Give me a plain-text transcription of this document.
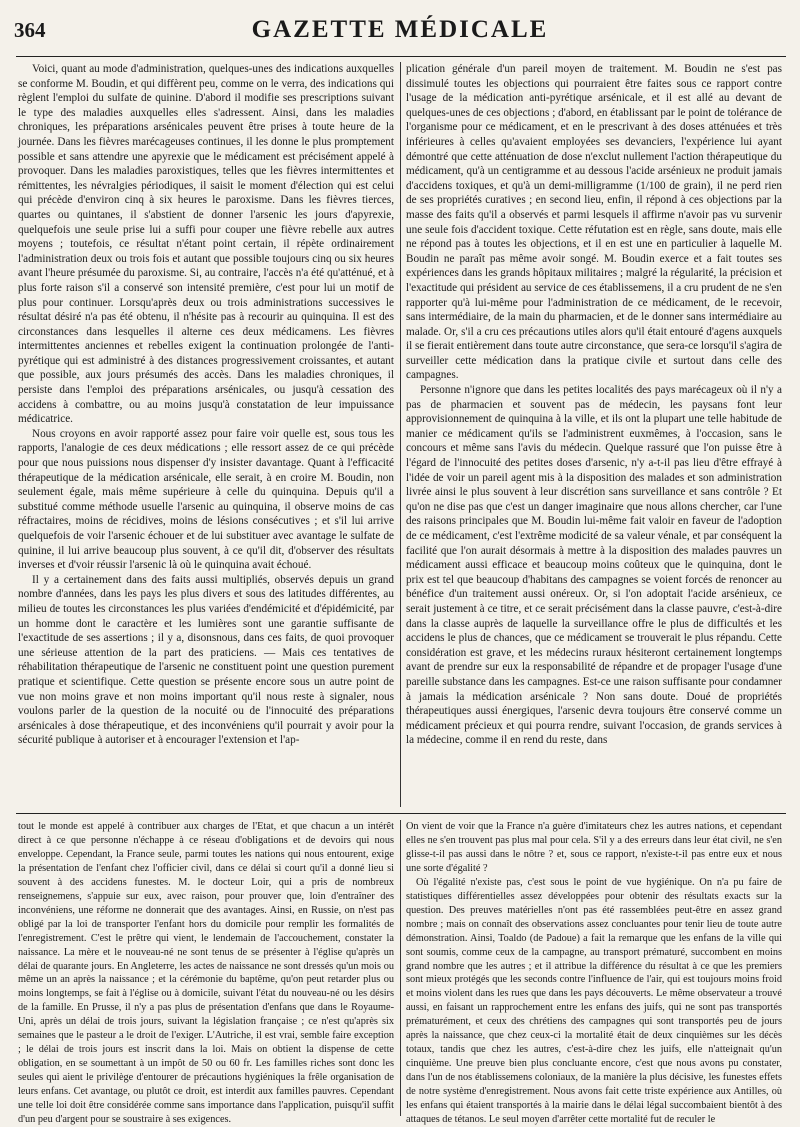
364	GAZETTE MÉDICALE

Voici, quant au mode d'administration, quelques-unes des indications auxquelles se conforme M. Boudin, et qui diffèrent peu, comme on le verra, des indications qui règlent l'emploi du sulfate de quinine. D'abord il modifie ses prescriptions suivant le type des maladies auxquelles elles s'adressent. Ainsi, dans les maladies chroniques, les préparations arsénicales peuvent être prises à toute heure de la journée. Dans les fièvres marécageuses continues, il les donne le plus promptement possible et sans attendre une apyrexie que le médicament est précisément appelé à provoquer. Dans les maladies paroxistiques, telles que les fièvres intermittentes et rémittentes, les névralgies périodiques, il saisit le moment d'élection qui est celui qui précède d'environ cinq à six heures le paroxisme. Dans les fièvres tierces, quartes ou quintanes, il s'abstient de donner l'arsenic les jours d'apyrexie, quelquefois une seule prise lui a suffi pour couper une fièvre rebelle aux autres moyens ; toutefois, ce résultat n'étant point certain, il répète ordinairement l'administration deux ou trois fois et autant que possible toujours cinq ou six heures avant l'heure présumée du paroxisme. Si, au contraire, l'accès n'a été qu'atténué, et à plus forte raison s'il a conservé son intensité première, c'est pour lui un motif de plus pour continuer. Lorsqu'après deux ou trois administrations successives le résultat désiré n'a pas été obtenu, il n'hésite pas à recourir au quinquina. Il est des circonstances dans lesquelles il alterne ces deux médicamens. Les fièvres intermittentes anciennes et rebelles exigent la continuation prolongée de l'anti-pyrétique qui est administré à des distances progressivement croissantes, et autant que possible, aux jours présumés des accès. Dans les maladies chroniques, il persiste dans l'emploi des préparations arsénicales, ou jusqu'à cessation des accidens à combattre, ou au moins jusqu'à constatation de leur impuissance médicatrice.

Nous croyons en avoir rapporté assez pour faire voir quelle est, sous tous les rapports, l'analogie de ces deux médications ; elle ressort assez de ce qui précède pour que nous puissions nous dispenser d'y insister davantage. Quant à l'efficacité thérapeutique de la médication arsénicale, elle serait, à en croire M. Boudin, non seulement égale, mais même supérieure à celle du quinquina. Depuis qu'il a substitué comme méthode usuelle l'arsenic au quinquina, il observe moins de cas réfractaires, moins de récidives, moins de lésions consécutives ; et s'il lui arrive quelquefois de voir l'arsenic échouer et de lui substituer avec avantage le sulfate de quinine, il lui arrive beaucoup plus souvent, à ce qu'il dit, d'observer des résultats inverses et d'voir réussir l'arsenic là où le quinquina avait échoué.

Il y a certainement dans des faits aussi multipliés, observés depuis un grand nombre d'années, dans les pays les plus divers et sous des latitudes différentes, au milieu de toutes les circonstances les plus variées d'endémicité et d'épidémicité, par un homme dont le caractère et les lumières sont une garantie suffisante de l'exactitude de ses assertions ; il y a, disonsnous, dans ces faits, de quoi provoquer une sérieuse attention de la part des praticiens. — Mais ces tentatives de réhabilitation thérapeutique de l'arsenic ne constituent point une question purement pratique et scientifique. Cette question se présente encore sous un autre point de vue non moins grave et non moins important qu'il nous reste à signaler, nous voulons parler de la question de la nocuité ou de l'innocuité des préparations arsénicales à dose thérapeutique, et des inconvéniens qu'il pourrait y avoir pour la sécurité publique à autoriser et à encourager l'extension et l'ap-

plication générale d'un pareil moyen de traitement. M. Boudin ne s'est pas dissimulé toutes les objections qui pourraient être faites sous ce rapport contre l'usage de la médication anti-pyrétique arsénicale, et il est allé au devant de quelques-unes de ces objections ; d'abord, en établissant par le point de tolérance de l'organisme pour ce médicament, et en le prescrivant à des doses atténuées et très inférieures à celles qu'avaient employées ses devanciers, l'expérience lui ayant démontré que cette atténuation de dose n'exclut nullement l'action thérapeutique du médicament, qu'à un centigramme et au dessous l'acide arsénieux ne produit jamais d'accidens toxiques, et qu'à un demi-milligramme (1/100 de grain), il ne perd rien de ses propriétés curatives ; en second lieu, enfin, il répond à ces objections par la masse des faits qu'il a observés et parmi lesquels il affirme n'avoir pas vu survenir une seule fois d'accident toxique. Cette réfutation est en règle, sans doute, mais elle ne répond pas à toutes les objections, et il en est une en particulier à laquelle M. Boudin ne paraît pas même avoir songé. M. Boudin exerce et a fait toutes ses expériences dans les grands hôpitaux militaires ; malgré la régularité, la précision et l'exactitude qui président au service de ces établissemens, il a cru prudent de ne s'en rapporter qu'à lui-même pour l'administration de ce médicament, de le recevoir, sans intermédiaire, de la main du pharmacien, et de le donner sans intermédiaire au malade. Or, s'il a cru ces précautions utiles alors qu'il était entouré d'agens auxquels il se fierait entièrement dans toute autre circonstance, que sera-ce lorsqu'il s'agira de surveiller cette médication dans la pratique civile et surtout dans celle des campagnes.

Personne n'ignore que dans les petites localités des pays marécageux où il n'y a pas de pharmacien et souvent pas de médecin, les paysans font leur approvisionnement de quinquina à la ville, et ils ont la plupart une telle habitude de manier ce médicament qu'ils se l'administrent euxmêmes, à l'occasion, sans le concours et même sans l'avis du médecin. Quelque rassuré que l'on puisse être à l'égard de l'innocuité des petites doses d'arsenic, n'y a-t-il pas lieu d'être effrayé à l'idée de voir un pareil agent mis à la disposition des malades et son administration livrée ainsi le plus souvent à leur discrétion sans surveillance et sans contrôle ? Et qu'on ne dise pas que c'est un danger imaginaire que nous allons chercher, car l'une des raisons principales que M. Boudin lui-même fait valoir en faveur de l'adoption de ce médicament, c'est l'extrême modicité de sa valeur vénale, et par conséquent la facilité que l'on aurait désormais à mettre à la disposition des malades pauvres un médicament aussi efficace et beaucoup moins coûteux que le quinquina, dont le prix est tel que beaucoup d'habitans des campagnes se voient forcés de renoncer au bénéfice d'un traitement aussi onéreux. Or, si l'on adoptait l'acide arsénieux, ce serait justement à ce titre, et ce serait précisément dans la classe pauvre, c'est-à-dire dans la classe auprès de laquelle la surveillance offre le plus de difficultés et les accidens le plus de chances, que ce médicament se trouverait le plus répandu. Cette considération est grave, et les médecins ruraux hésiteront certainement longtemps avant de prendre sur eux la responsabilité de répandre et de propager l'usage d'une pareille substance dans les campagnes. Est-ce une raison suffisante pour condamner à jamais la médication arsénicale ? Non sans doute. Doué de propriétés thérapeutiques aussi énergiques, l'arsenic devra toujours être conservé comme un médicament précieux et qui pourra rendre, suivant l'occasion, de grands services à la médecine, comme il en rend du reste, dans

tout le monde est appelé à contribuer aux charges de l'Etat, et que chacun a un intérêt direct à ce que personne n'échappe à ce réseau d'obligations et de devoirs qui nous enveloppe. Cependant, la France seule, parmi toutes les nations qui nous entourent, exige la présentation de l'enfant chez l'officier civil, dans ce délai si court qu'il a donné lieu si souvent à des accidens funestes. M. le docteur Loir, qui a pris de nombreux renseignemens, s'appuie sur eux, avec raison, pour prouver que, loin d'entraîner des inconvéniens, une réforme ne donnerait que des avantages. Ainsi, en Russie, on n'est pas obligé par la loi de transporter l'enfant hors du domicile pour remplir les formalités de l'enregistrement. C'est le prêtre qui vient, le lendemain de l'accouchement, constater la naissance. La mère et le nouveau-né ne sont tenus de se présenter à l'église qu'après un délai de quarante jours. En Angleterre, les actes de naissance ne sont dressés qu'un mois ou même un an après la naissance ; et la cérémonie du baptême, qu'on peut retarder plus ou moins longtemps, se fait à l'église ou à domicile, suivant l'état du nouveau-né ou les désirs de la famille. En Prusse, il n'y a pas plus de présentation d'enfans que dans le Royaume-Uni, après un délai de trois jours, suivant la législation française ; ce n'est qu'après six semaines que le pasteur a le droit de l'exiger. L'Autriche, il est vrai, semble faire exception ; le délai de trois jours est inscrit dans la loi. Mais on obtient la dispense de cette obligation, en se soumettant à un impôt de 50 ou 60 fr. Les familles riches sont donc les seules qui aient le privilège d'entourer de précautions hygiéniques la frêle organisation de leurs enfans. Cet avantage, ou plutôt ce droit, est interdit aux familles pauvres. Cependant une telle loi doit être considérée comme sans importance dans l'application, puisqu'il suffit d'un peu d'argent pour se soustraire à ses exigences.

On vient de voir que la France n'a guère d'imitateurs chez les autres nations, et cependant elles ne s'en trouvent pas plus mal pour cela. S'il y a des erreurs dans leur état civil, ne s'en glisse-t-il pas aussi dans le nôtre ? et, sous ce rapport, n'existe-t-il pas entre eux et nous une sorte d'égalité ?

Où l'égalité n'existe pas, c'est sous le point de vue hygiénique. On n'a pu faire de statistiques différentielles assez développées pour obtenir des résultats exacts sur la question. Des preuves matérielles n'ont pas été rassemblées peut-être en assez grand nombre ; mais on connaît des observations assez concluantes pour tenir lieu de toute autre démonstration. Ainsi, Toaldo (de Padoue) a fait la remarque que les enfans de la ville qui sont soumis, comme ceux de la campagne, au transport prématuré, succombent en moins grand nombre que les autres ; et il attribue la différence du résultat à ce que les premiers sont mieux protégés que les seconds contre l'influence de l'air, qui est toujours moins froid et moins violent dans les rues que dans les pays découverts. Le même observateur a trouvé aussi, en faisant un rapprochement entre les enfans des juifs, qui ne sont pas transportés prématurément, et ceux des chrétiens des campagnes qui sont transportés peu de jours après la naissance, que chez ceux-ci la mortalité était de deux cinquièmes sur les décès totaux, tandis que chez les autres, c'est-à-dire chez les juifs, elle n'atteignait qu'un cinquième. Une preuve bien plus concluante encore, c'est que nous avons pu constater, dans l'un de nos établissemens coloniaux, de la manière la plus décisive, les funestes effets de notre système d'enregistrement. Nous avons fait cette triste expérience aux Antilles, où les enfans qui étaient transportés à la mairie dans le délai légal succombaient bientôt à des attaques de tétanos. Le seul moyen d'arrêter cette mortalité fut de reculer le
